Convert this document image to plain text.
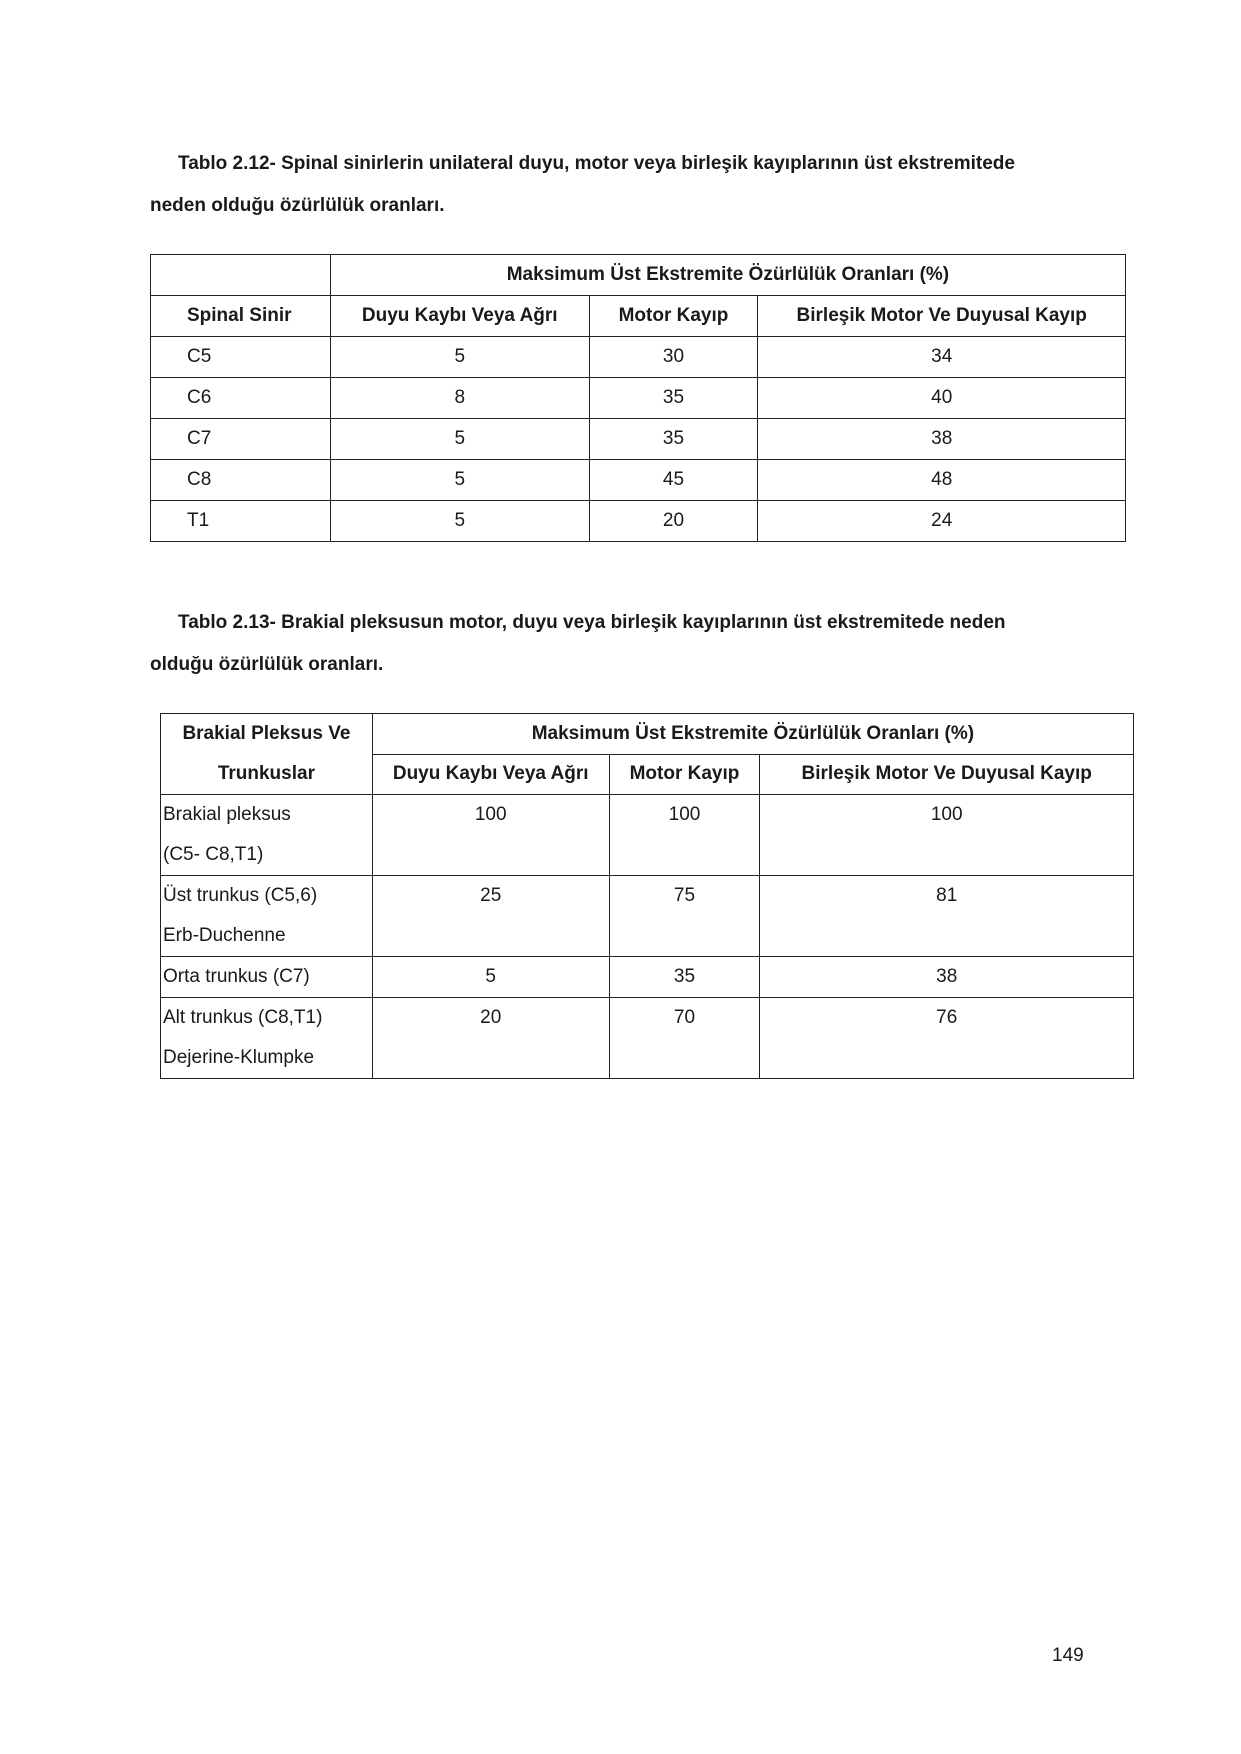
Tablo 2.12- Spinal sinirlerin unilateral duyu, motor veya birleşik kayıplarının üst ekstremitede
neden olduğu özürlülük oranları.
	Maksimum Üst Ekstremite Özürlülük Oranları (%)		
Spinal Sinir	Duyu Kaybı Veya Ağrı	Motor Kayıp	Birleşik Motor Ve Duyusal Kayıp
C5	5	30	34
C6	8	35	40
C7	5	35	38
C8	5	45	48
T1	5	20	24
Tablo 2.13- Brakial pleksusun motor, duyu veya birleşik kayıplarının üst ekstremitede neden
olduğu özürlülük oranları.
Brakial Pleksus Ve
Trunkuslar	Maksimum Üst Ekstremite Özürlülük Oranları (%)		
	Duyu Kaybı Veya Ağrı	Motor Kayıp	Birleşik Motor Ve Duyusal Kayıp

Brakial pleksus
(C5- C8,T1)	100	100	100

Üst trunkus (C5,6)
Erb-Duchenne	25	75	81

Orta trunkus (C7)	5	35	38

Alt trunkus (C8,T1)
Dejerine-Klumpke	20	70	76
149
